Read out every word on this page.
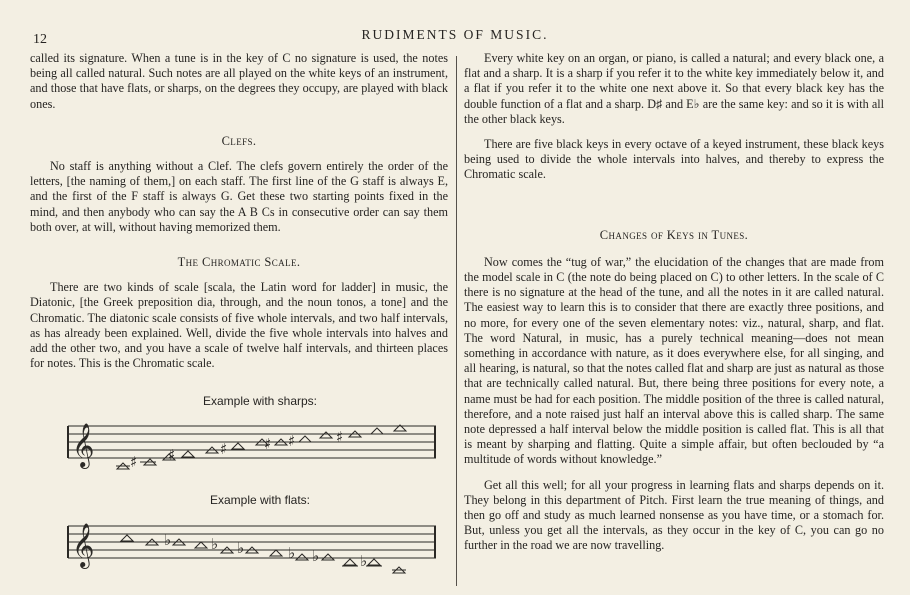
12	RUDIMENTS OF MUSIC.

called its signature. When a tune is in the key of C no signature is used, the notes being all called natural. Such notes are all played on the white keys of an instrument, and those that have flats, or sharps, on the degrees they occupy, are played with black ones.

Clefs.

No staff is anything without a Clef. The clefs govern entirely the order of the letters, [the naming of them,] on each staff. The first line of the G staff is always E, and the first of the F staff is always G. Get these two starting points fixed in the mind, and then anybody who can say the A B Cs in consecutive order can say them both over, at will, without having memorized them.

The Chromatic Scale.

There are two kinds of scale [scala, the Latin word for ladder] in music, the Diatonic, [the Greek preposition dia, through, and the noun tonos, a tone] and the Chromatic. The diatonic scale consists of five whole intervals, and two half intervals, as has already been explained. Well, divide the five whole intervals into halves and add the other two, and you have a scale of twelve half intervals, and thirteen places for notes. This is the Chromatic scale.

Example with sharps:
𝄞 ♯ ♯	♯ ♯ ♯	♯
Example with flats:
𝄞	♭	♭ ♭	♭ ♭	♭

Every white key on an organ, or piano, is called a natural; and every black one, a flat and a sharp. It is a sharp if you refer it to the white key immediately below it, and a flat if you refer it to the white one next above it. So that every black key has the double function of a flat and a sharp. D♯ and E♭ are the same key: and so it is with all the other black keys.

There are five black keys in every octave of a keyed instrument, these black keys being used to divide the whole intervals into halves, and thereby to express the Chromatic scale.

Changes of Keys in Tunes.

Now comes the “tug of war,” the elucidation of the changes that are made from the model scale in C (the note do being placed on C) to other letters. In the scale of C there is no signature at the head of the tune, and all the notes in it are called natural. The easiest way to learn this is to consider that there are exactly three positions, and no more, for every one of the seven elementary notes: viz., natural, sharp, and flat. The word Natural, in music, has a purely technical meaning—does not mean something in accordance with nature, as it does everywhere else, for all singing, and all hearing, is natural, so that the notes called flat and sharp are just as natural as those that are technically called natural. But, there being three positions for every note, a name must be had for each position. The middle position of the three is called natural, therefore, and a note raised just half an interval above this is called sharp. The same note depressed a half interval below the middle position is called flat. This is all that is meant by sharping and flatting. Quite a simple affair, but often beclouded by “a multitude of words without knowledge.”

Get all this well; for all your progress in learning flats and sharps depends on it. They belong in this department of Pitch. First learn the true meaning of things, and then go off and study as much learned nonsense as you have time, or a stomach for. But, unless you get all the intervals, as they occur in the key of C, you can go no further in the road we are now travelling.
